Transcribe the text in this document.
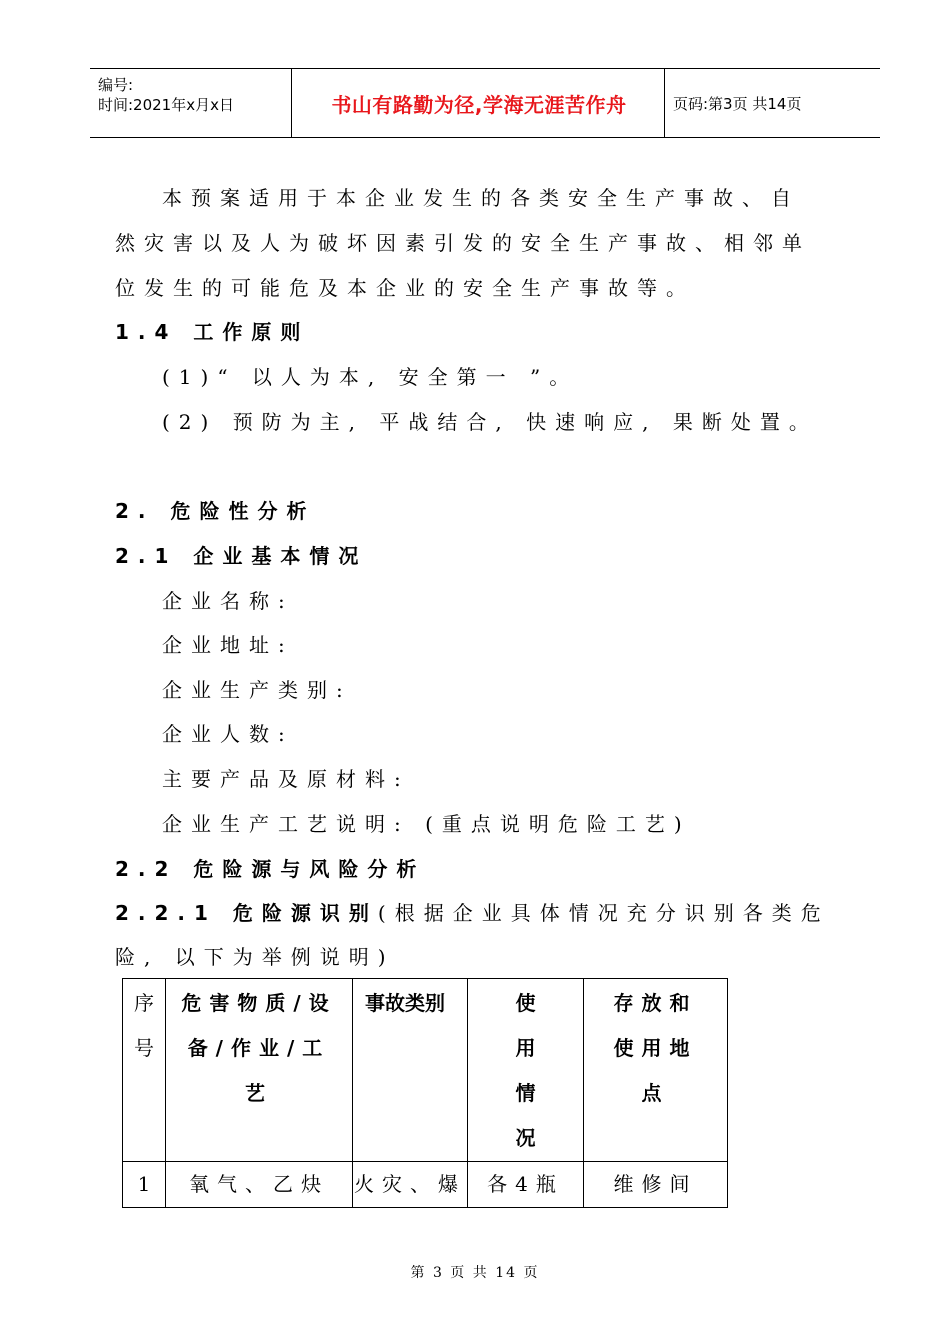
编号:
时间:2021年x月x日	书山有路勤为径,学海无涯苦作舟	页码:第3页 共14页
本预案适用于本企业发生的各类安全生产事故、自
然灾害以及人为破坏因素引发的安全生产事故、相邻单
位发生的可能危及本企业的安全生产事故等。
1.4 工作原则
(1)“ 以人为本, 安全第一 ”。
(2) 预防为主, 平战结合, 快速响应, 果断处置。
2. 危险性分析
2.1 企业基本情况
企业名称:
企业地址:
企业生产类别:
企业人数:
主要产品及原材料:
企业生产工艺说明: (重点说明危险工艺)
2.2 危险源与风险分析
2.2.1 危险源识别(根据企业具体情况充分识别各类危
险, 以下为举例说明)
序号	危害物质/设备/作业/工艺	事故类别	使用情况	存放和使用地点

1	氧气、乙炔	火灾、爆	各4瓶	维修间
第 3 页 共 14 页
